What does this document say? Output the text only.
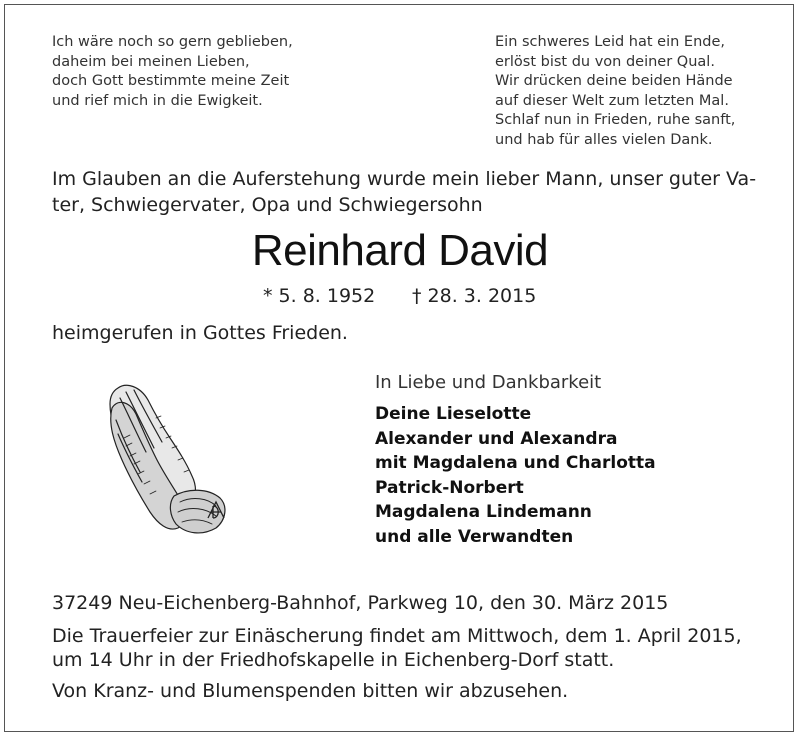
Ich wäre noch so gern geblieben,
daheim bei meinen Lieben,
doch Gott bestimmte meine Zeit
und rief mich in die Ewigkeit.
Ein schweres Leid hat ein Ende,
erlöst bist du von deiner Qual.
Wir drücken deine beiden Hände
auf dieser Welt zum letzten Mal.
Schlaf nun in Frieden, ruhe sanft,
und hab für alles vielen Dank.
Im Glauben an die Auferstehung wurde mein lieber Mann, unser guter Va-
ter, Schwiegervater, Opa und Schwiegersohn
Reinhard David
* 5. 8. 1952 † 28. 3. 2015
heimgerufen in Gottes Frieden.
In Liebe und Dankbarkeit
Deine Lieselotte
Alexander und Alexandra
mit Magdalena und Charlotta
Patrick-Norbert
Magdalena Lindemann
und alle Verwandten
37249 Neu-Eichenberg-Bahnhof, Parkweg 10, den 30. März 2015
Die Trauerfeier zur Einäscherung findet am Mittwoch, dem 1. April 2015,
um 14 Uhr in der Friedhofskapelle in Eichenberg-Dorf statt.
Von Kranz- und Blumenspenden bitten wir abzusehen.
